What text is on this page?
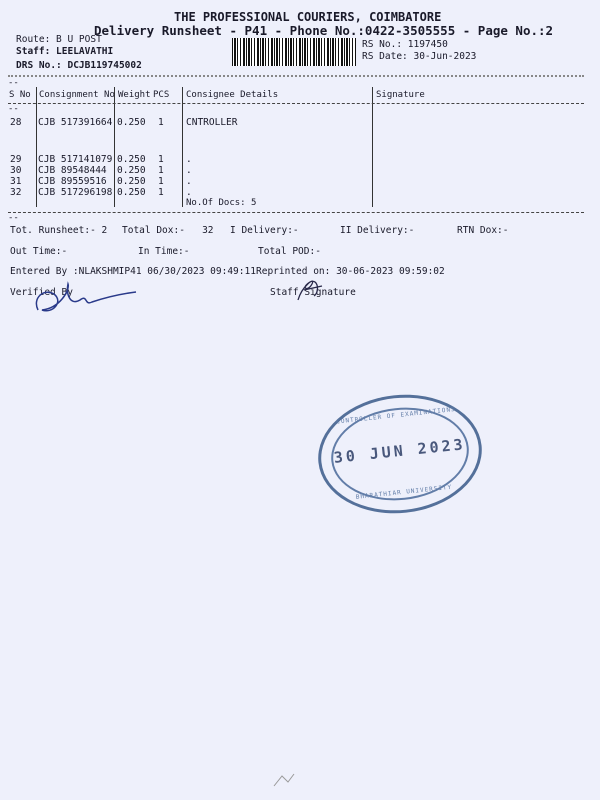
THE PROFESSIONAL COURIERS, COIMBATORE
Delivery Runsheet - P41 - Phone No.:0422-3505555 - Page No.:2
Route: B U POST
Staff: LEELAVATHI
DRS No.: DCJB119745002
RS No.: 1197450
RS Date: 30-Jun-2023
--
S No Consignment No Weight PCS Consignee Details	Signature
--
28 CJB 517391664 0.250 1 CNTROLLER
29 CJB 517141079 0.250 1 .
30 CJB 89548444 0.250 1 .
31 CJB 89559516 0.250 1 .
32 CJB 517296198 0.250 1 .
No.Of Docs: 5
--
Tot. Runsheet:- 2 Total Dox:-   32 I Delivery:-	II Delivery:-	RTN Dox:-
Out Time:-	In Time:-	Total POD:-
Entered By :NLAKSHMIP41 06/30/2023 09:49:11 Reprinted on: 30-06-2023 09:59:02
Verified By	Staff Signature
CONTROLLER OF EXAMINATIONS
30 JUN 2023
BHARATHIAR UNIVERSITY
